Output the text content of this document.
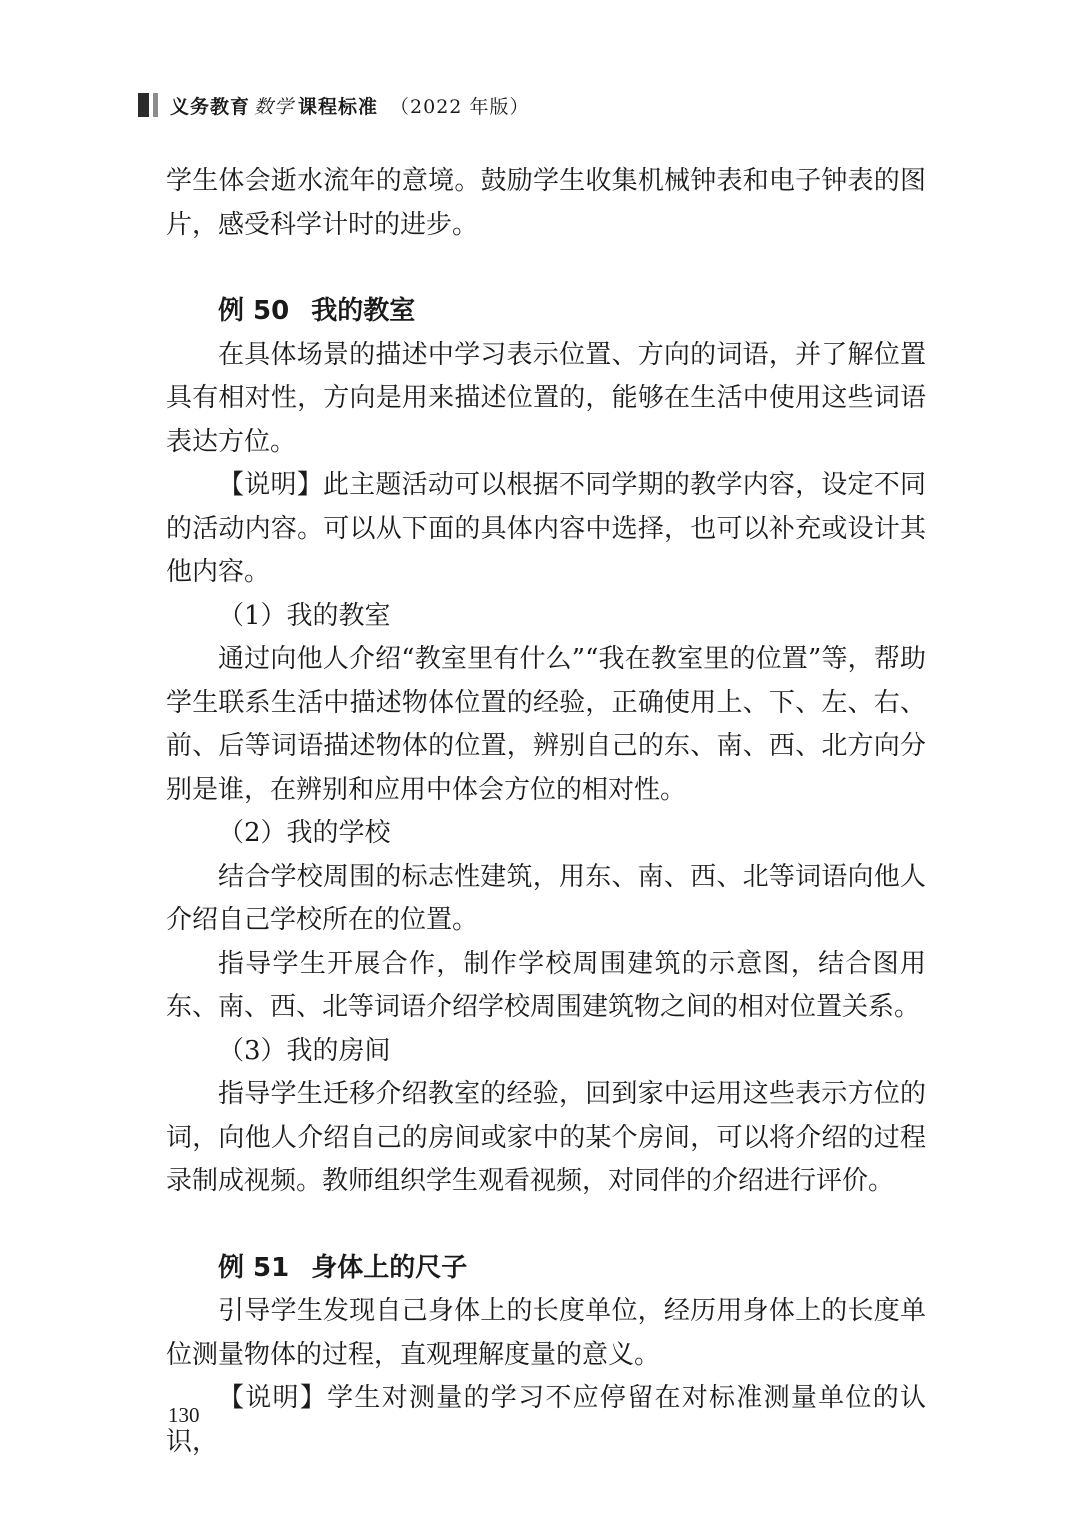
义务教育 数学 课程标准 （2022 年版）

学生体会逝水流年的意境。鼓励学生收集机械钟表和电子钟表的图片，感受科学计时的进步。

例 50 我的教室

在具体场景的描述中学习表示位置、方向的词语，并了解位置具有相对性，方向是用来描述位置的，能够在生活中使用这些词语表达方位。

【说明】此主题活动可以根据不同学期的教学内容，设定不同的活动内容。可以从下面的具体内容中选择，也可以补充或设计其他内容。

（1）我的教室

通过向他人介绍“教室里有什么”“我在教室里的位置”等，帮助学生联系生活中描述物体位置的经验，正确使用上、下、左、右、前、后等词语描述物体的位置，辨别自己的东、南、西、北方向分别是谁，在辨别和应用中体会方位的相对性。

（2）我的学校

结合学校周围的标志性建筑，用东、南、西、北等词语向他人介绍自己学校所在的位置。

指导学生开展合作，制作学校周围建筑的示意图，结合图用东、南、西、北等词语介绍学校周围建筑物之间的相对位置关系。

（3）我的房间

指导学生迁移介绍教室的经验，回到家中运用这些表示方位的词，向他人介绍自己的房间或家中的某个房间，可以将介绍的过程录制成视频。教师组织学生观看视频，对同伴的介绍进行评价。

例 51 身体上的尺子

引导学生发现自己身体上的长度单位，经历用身体上的长度单位测量物体的过程，直观理解度量的意义。

【说明】学生对测量的学习不应停留在对标准测量单位的认识，

130
